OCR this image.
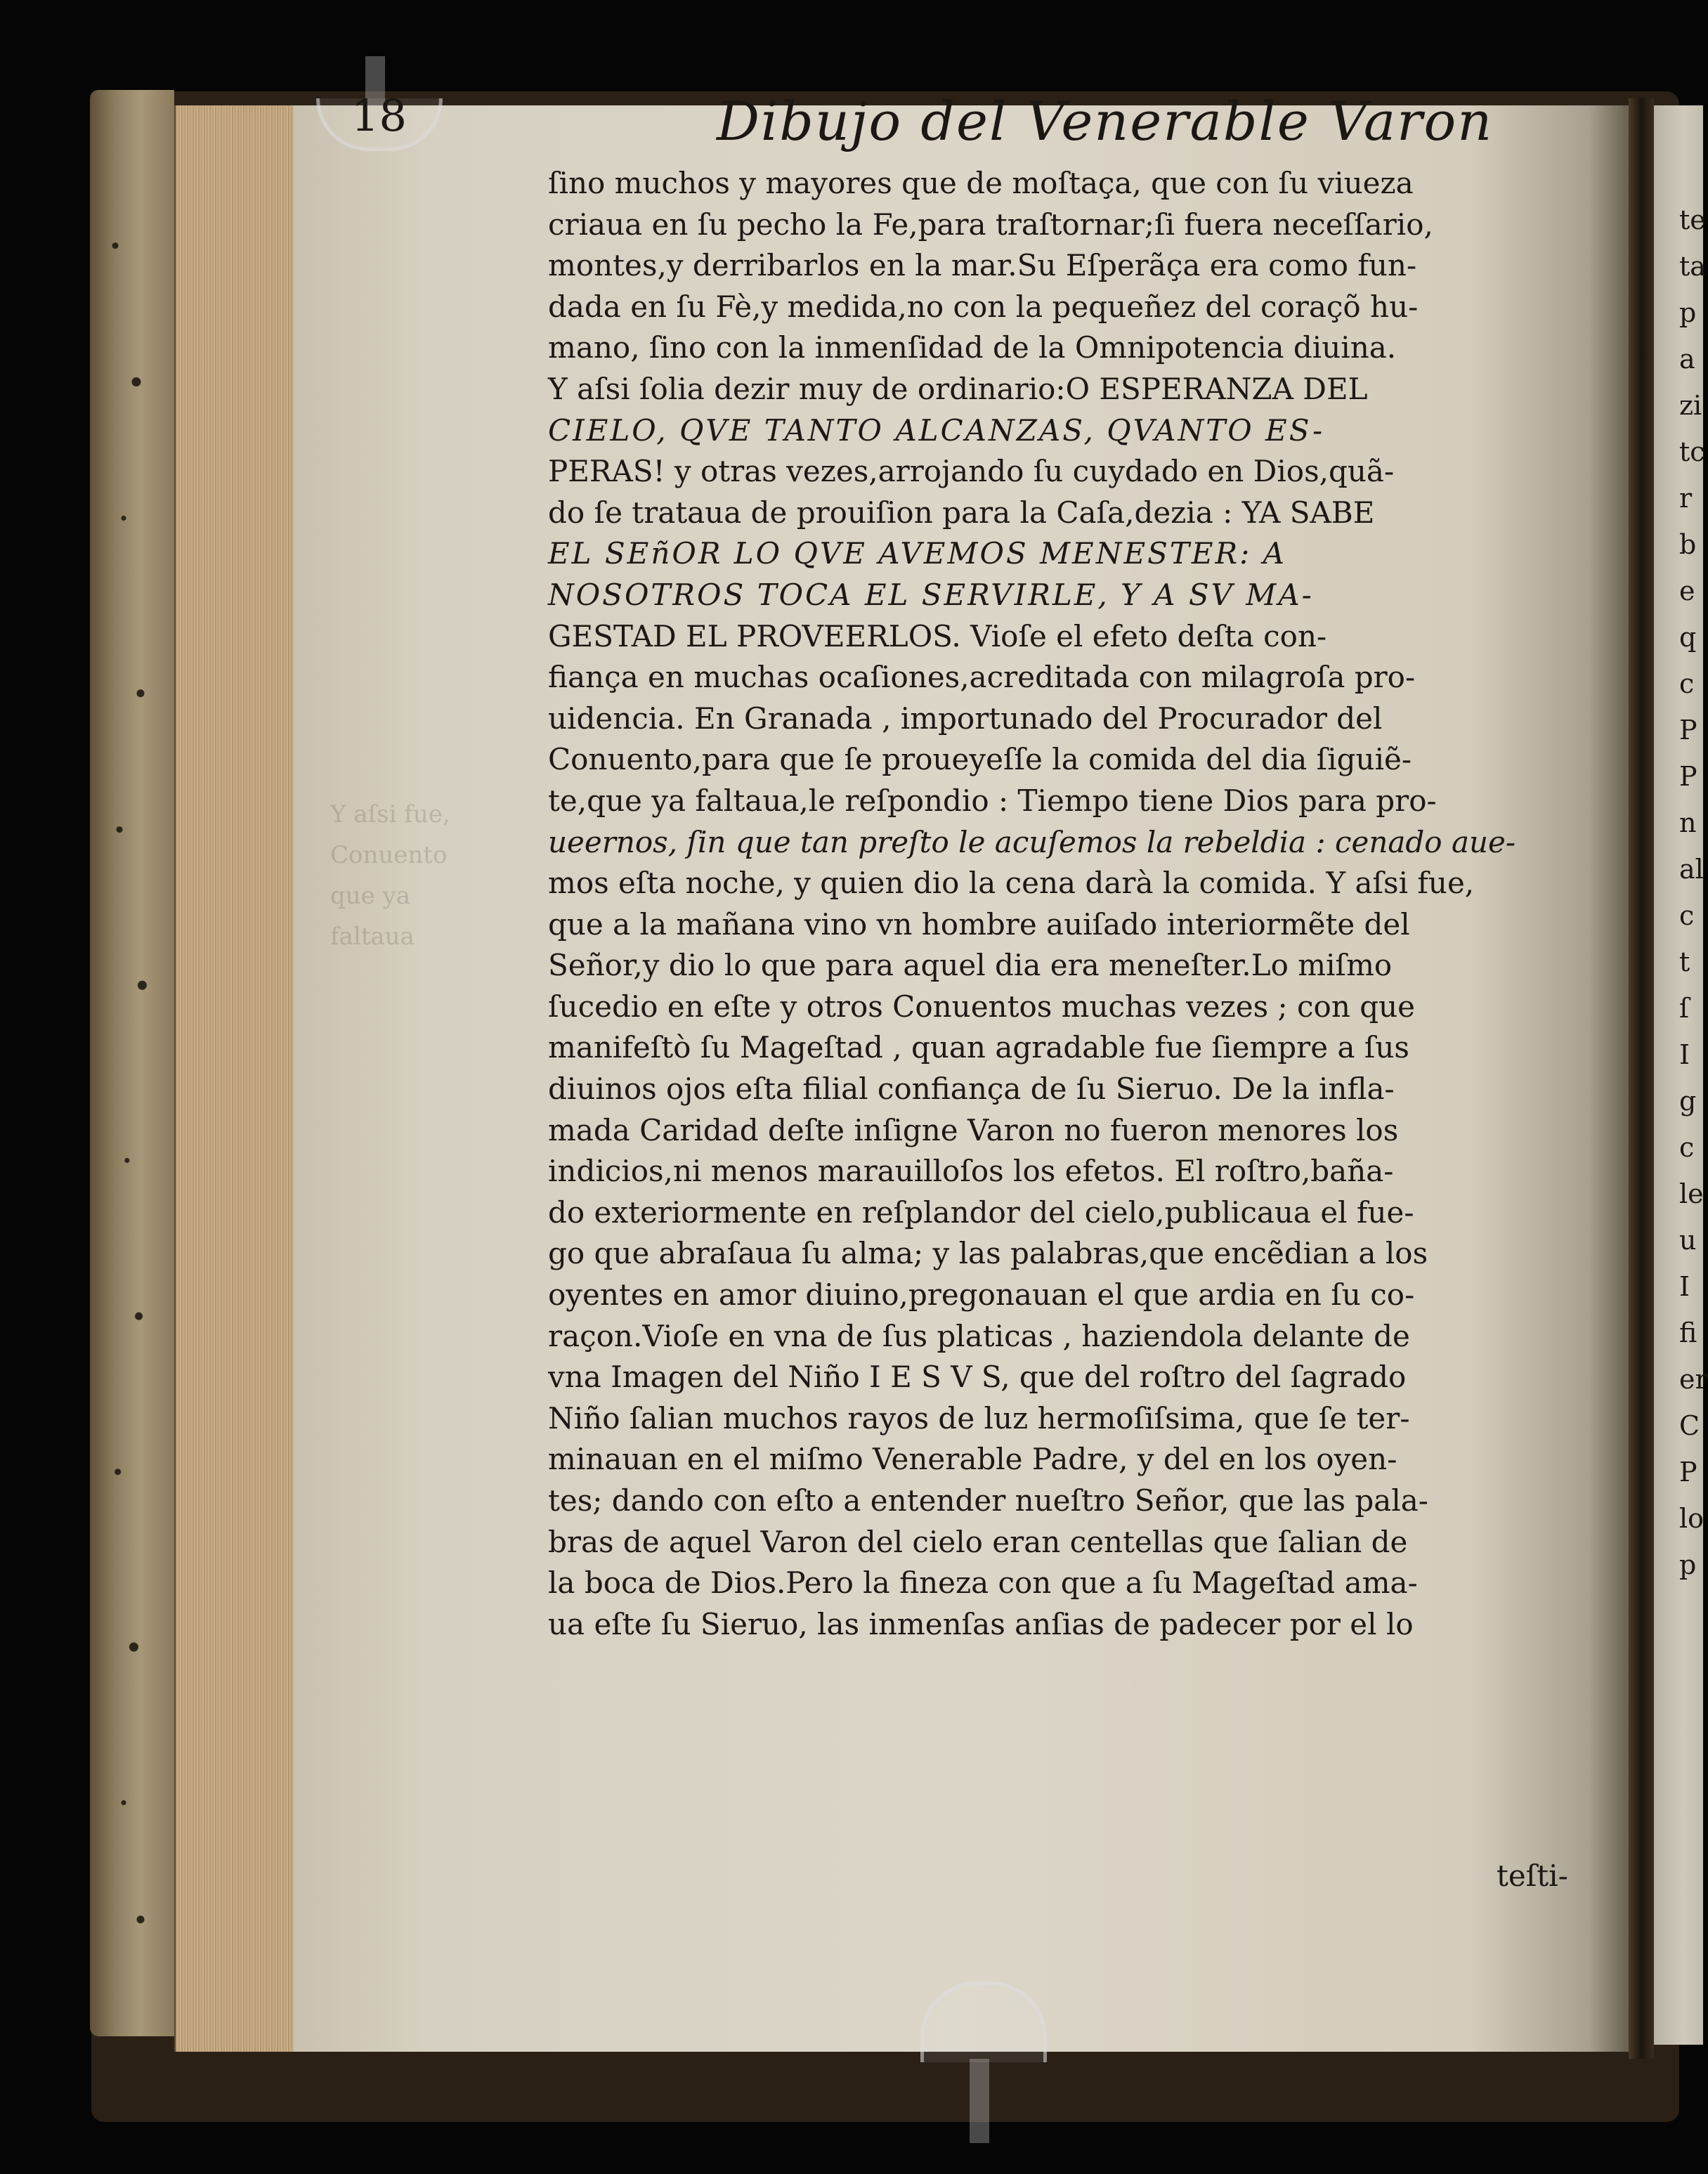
Y aſsi fue,
Conuento
que ya
faltaua
te ta p a zi tc r b e q c P P n al c t ſ I g c le u I fi er C P lo p
18	Dibujo del Venerable Varon
ſino muchos y mayores que de moſtaça, que con ſu viueza
criaua en ſu pecho la Fe,para traſtornar;ſi fuera neceſſario,
montes,y derribarlos en la mar.Su Eſperãça era como fun-
dada en ſu Fè,y medida,no con la pequeñez del coraçõ hu-
mano, ſino con la inmenſidad de la Omnipotencia diuina.
Y aſsi ſolia dezir muy de ordinario:O ESPERANZA DEL
CIELO, QVE TANTO ALCANZAS, QVANTO ES-
PERAS! y otras vezes,arrojando ſu cuydado en Dios,quã-
do ſe trataua de prouiſion para la Caſa,dezia : YA SABE
EL SEñOR LO QVE AVEMOS MENESTER: A
NOSOTROS TOCA EL SERVIRLE, Y A SV MA-
GESTAD EL PROVEERLOS. Vioſe el efeto deſta con-
fiança en muchas ocaſiones,acreditada con milagroſa pro-
uidencia. En Granada , importunado del Procurador del
Conuento,para que ſe proueyeſſe la comida del dia ſiguiẽ-
te,que ya faltaua,le reſpondio : Tiempo tiene Dios para pro-
ueernos, ſin que tan preſto le acuſemos la rebeldia : cenado aue-
mos eſta noche, y quien dio la cena darà la comida. Y aſsi fue,
que a la mañana vino vn hombre auiſado interiormẽte del
Señor,y dio lo que para aquel dia era meneſter.Lo miſmo
ſucedio en eſte y otros Conuentos muchas vezes ; con que
manifeſtò ſu Mageſtad , quan agradable fue ſiempre a ſus
diuinos ojos eſta filial confiança de ſu Sieruo. De la infla-
mada Caridad deſte inſigne Varon no fueron menores los
indicios,ni menos marauilloſos los efetos. El roſtro,baña-
do exteriormente en reſplandor del cielo,publicaua el fue-
go que abraſaua ſu alma; y las palabras,que encẽdian a los
oyentes en amor diuino,pregonauan el que ardia en ſu co-
raçon.Vioſe en vna de ſus platicas , haziendola delante de
vna Imagen del Niño I E S V S, que del roſtro del ſagrado
Niño ſalian muchos rayos de luz hermoſiſsima, que ſe ter-
minauan en el miſmo Venerable Padre, y del en los oyen-
tes; dando con eſto a entender nueſtro Señor, que las pala-
bras de aquel Varon del cielo eran centellas que ſalian de
la boca de Dios.Pero la fineza con que a ſu Mageſtad ama-
ua eſte ſu Sieruo, las inmenſas anſias de padecer por el lo
teſti-
